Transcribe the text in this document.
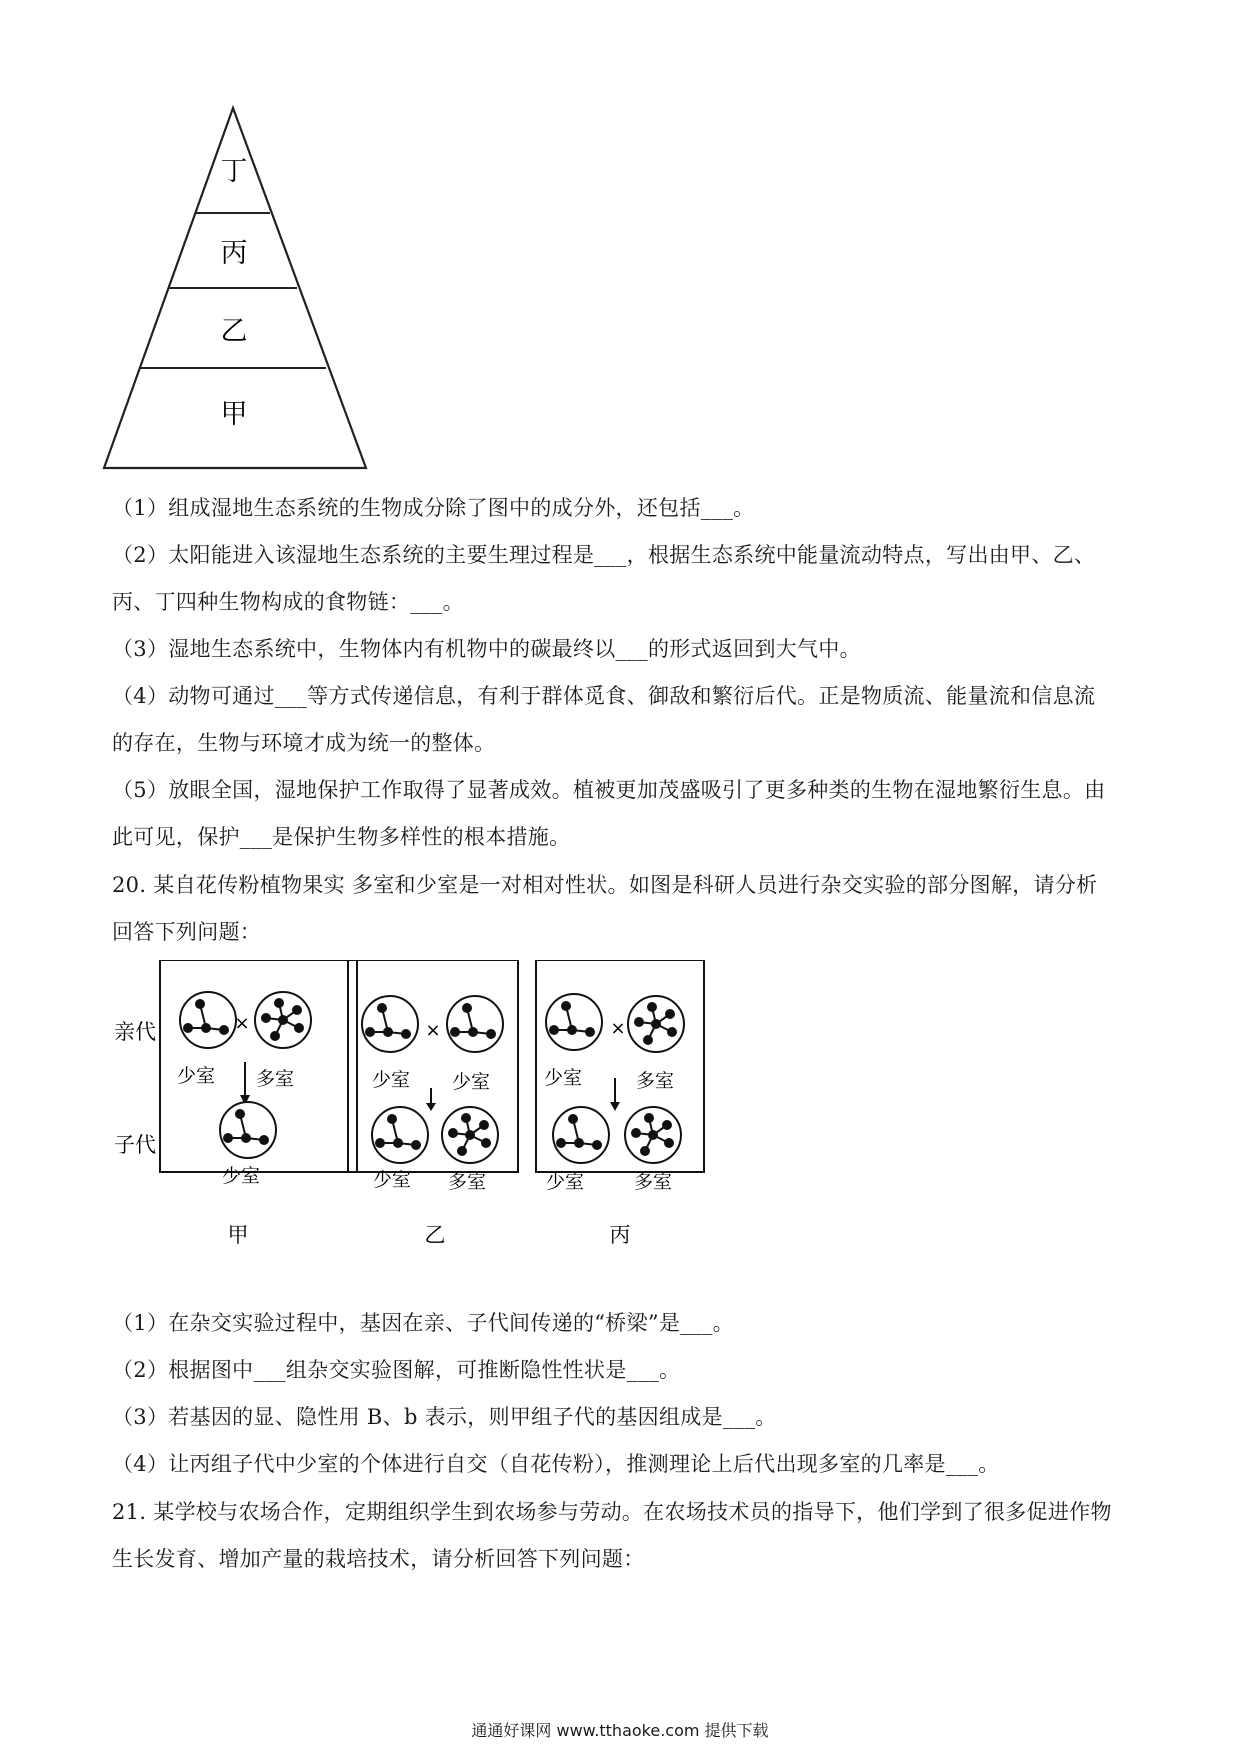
丁
丙
乙
甲
（1）组成湿地生态系统的生物成分除了图中的成分外，还包括___。
（2）太阳能进入该湿地生态系统的主要生理过程是___，根据生态系统中能量流动特点，写出由甲、乙、
丙、丁四种生物构成的食物链：___。
（3）湿地生态系统中，生物体内有机物中的碳最终以___的形式返回到大气中。
（4）动物可通过___等方式传递信息，有利于群体觅食、御敌和繁衍后代。正是物质流、能量流和信息流
的存在，生物与环境才成为统一的整体。
（5）放眼全国，湿地保护工作取得了显著成效。植被更加茂盛吸引了更多种类的生物在湿地繁衍生息。由
此可见，保护___是保护生物多样性的根本措施。
20. 某自花传粉植物果实 多室和少室是一对相对性状。如图是科研人员进行杂交实验的部分图解，请分析
回答下列问题：
亲代
子代
×
少室 多室
少室
×
少室 少室
少室 多室
×
少室	多室
少室	多室
甲	乙	丙
（1）在杂交实验过程中，基因在亲、子代间传递的“桥梁”是___。
（2）根据图中___组杂交实验图解，可推断隐性性状是___。
（3）若基因的显、隐性用 B、b 表示，则甲组子代的基因组成是___。
（4）让丙组子代中少室的个体进行自交（自花传粉），推测理论上后代出现多室的几率是___。
21. 某学校与农场合作，定期组织学生到农场参与劳动。在农场技术员的指导下，他们学到了很多促进作物
生长发育、增加产量的栽培技术，请分析回答下列问题：
通通好课网 www.tthaoke.com 提供下载
